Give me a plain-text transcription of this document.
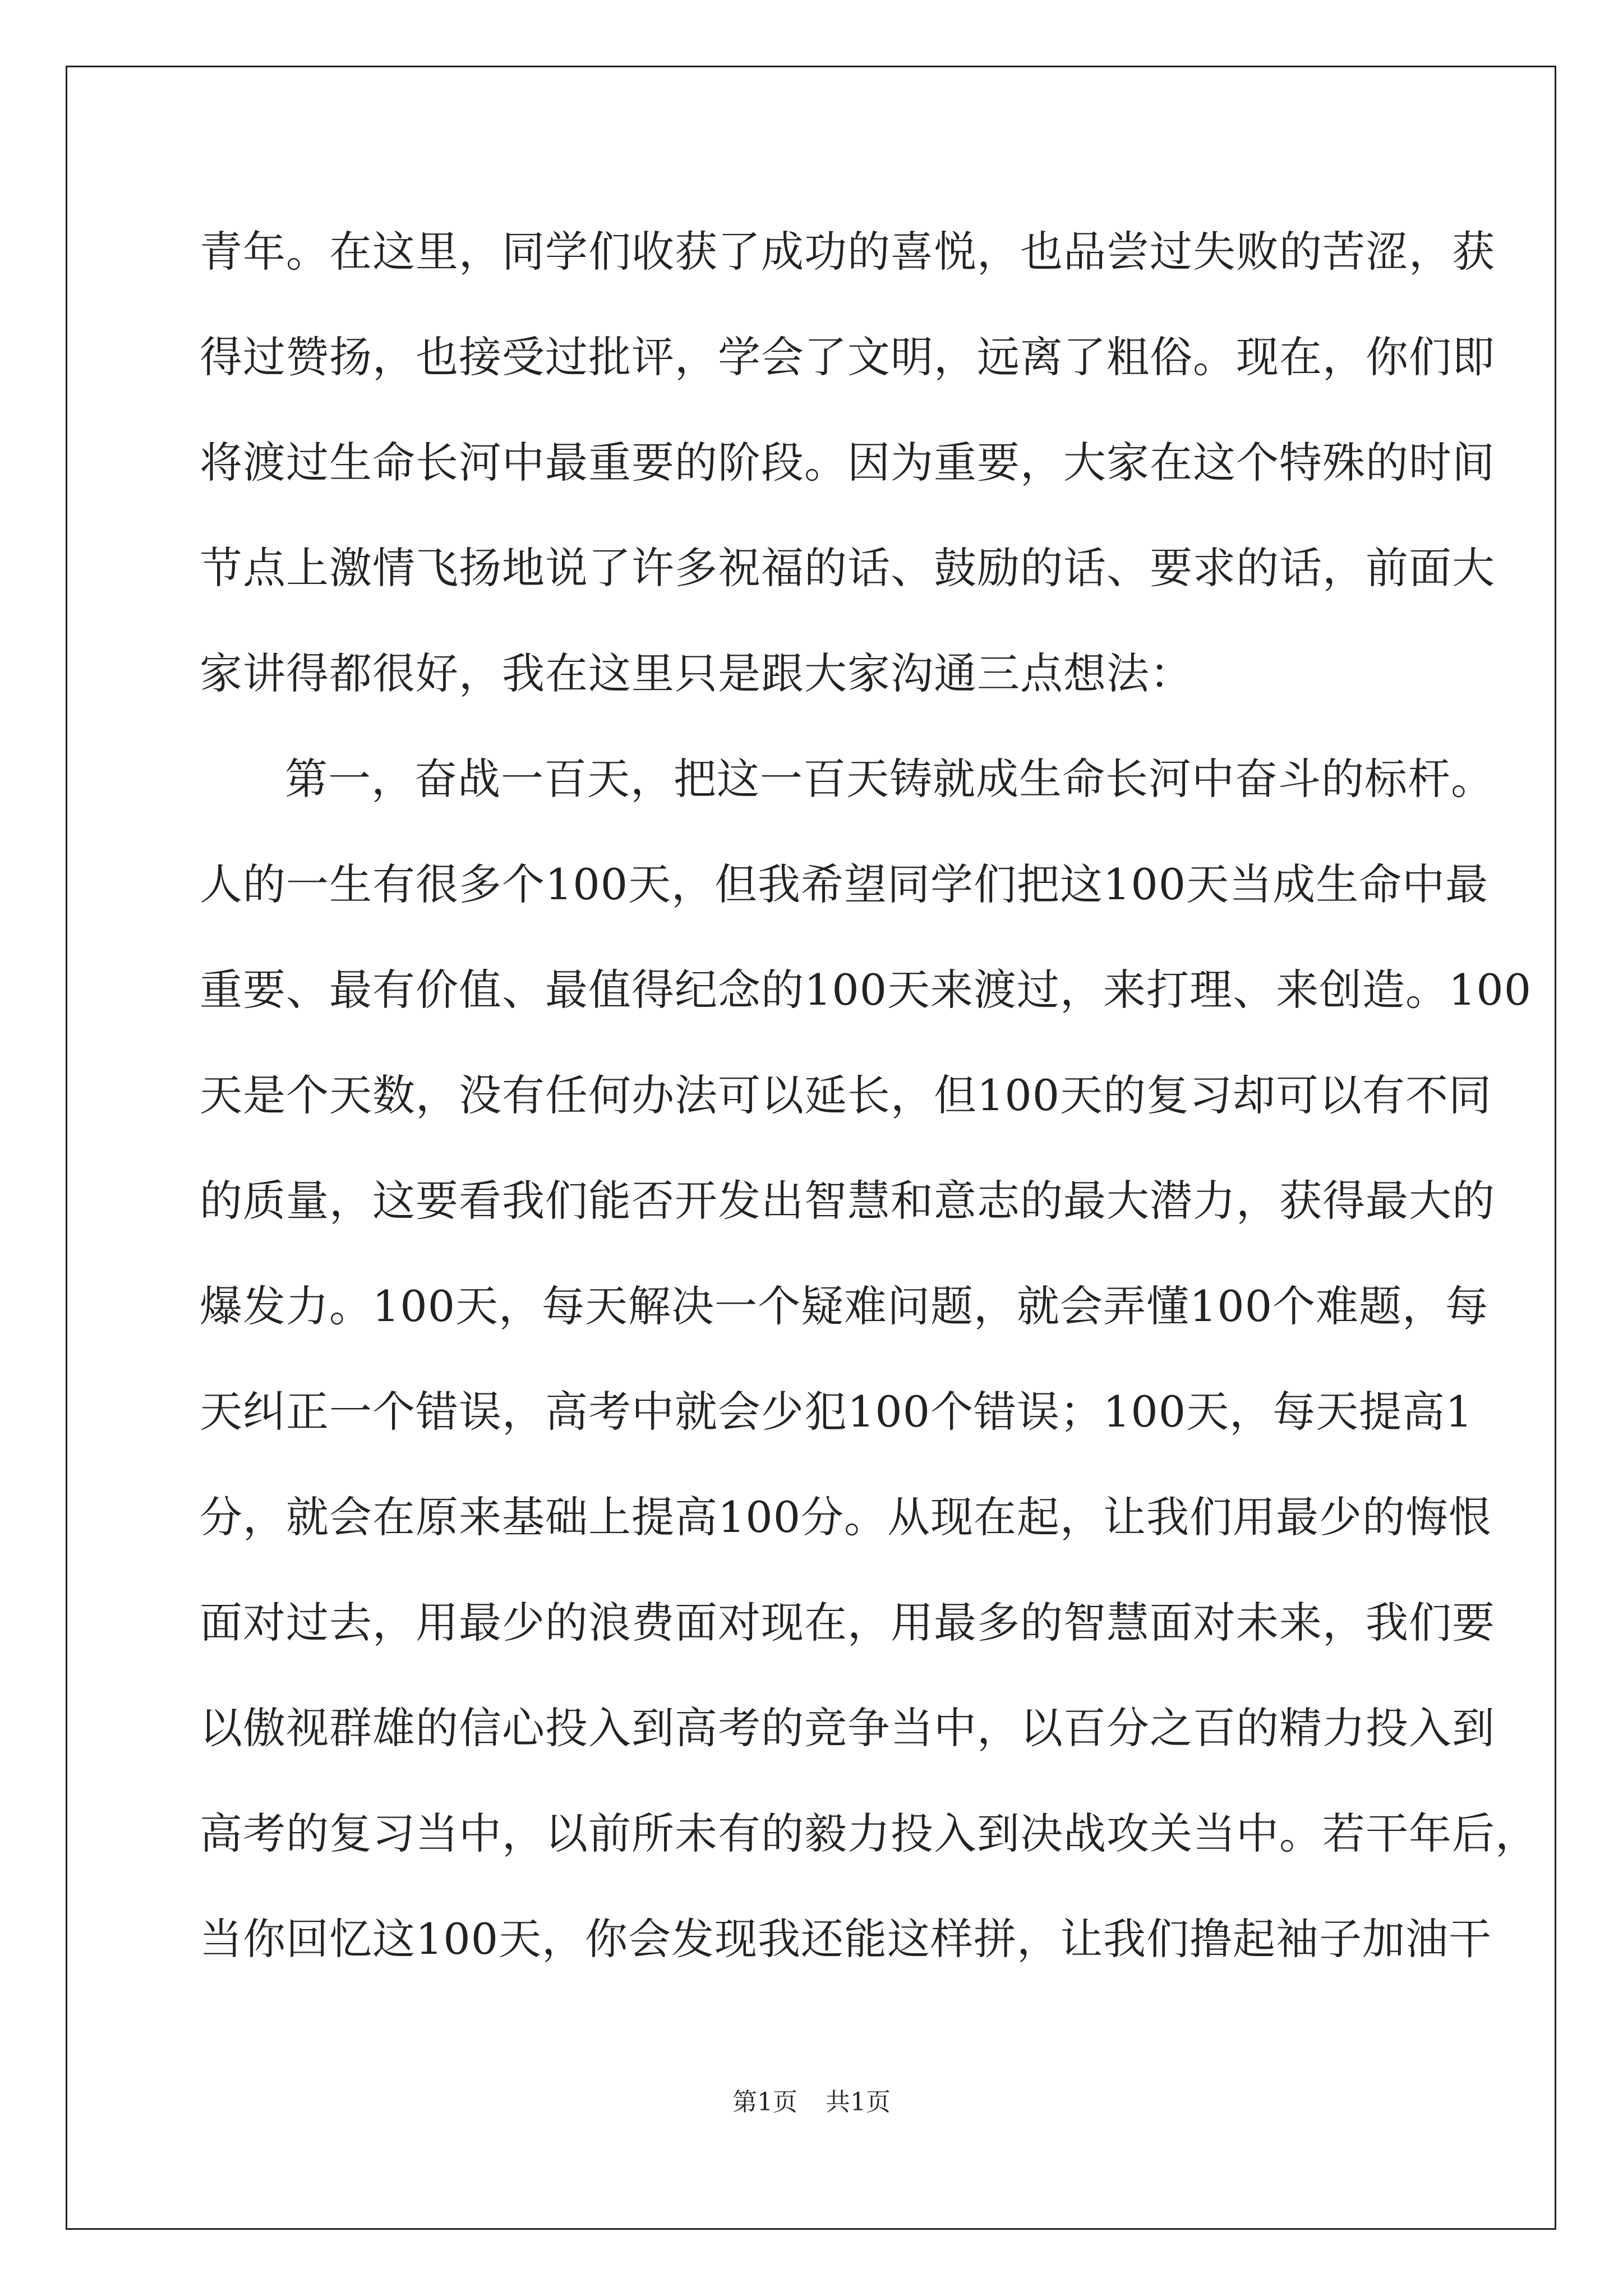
青年。在这里，同学们收获了成功的喜悦，也品尝过失败的苦涩，获
得过赞扬，也接受过批评，学会了文明，远离了粗俗。现在，你们即
将渡过生命长河中最重要的阶段。因为重要，大家在这个特殊的时间
节点上激情飞扬地说了许多祝福的话、鼓励的话、要求的话，前面大
家讲得都很好，我在这里只是跟大家沟通三点想法：
第一，奋战一百天，把这一百天铸就成生命长河中奋斗的标杆。
人的一生有很多个100天，但我希望同学们把这100天当成生命中最
重要、最有价值、最值得纪念的100天来渡过，来打理、来创造。100
天是个天数，没有任何办法可以延长，但100天的复习却可以有不同
的质量，这要看我们能否开发出智慧和意志的最大潜力，获得最大的
爆发力。100天，每天解决一个疑难问题，就会弄懂100个难题，每
天纠正一个错误，高考中就会少犯100个错误；100天，每天提高1
分，就会在原来基础上提高100分。从现在起，让我们用最少的悔恨
面对过去，用最少的浪费面对现在，用最多的智慧面对未来，我们要
以傲视群雄的信心投入到高考的竞争当中，以百分之百的精力投入到
高考的复习当中，以前所未有的毅力投入到决战攻关当中。若干年后，
当你回忆这100天，你会发现我还能这样拼，让我们撸起袖子加油干
第1页 共1页
